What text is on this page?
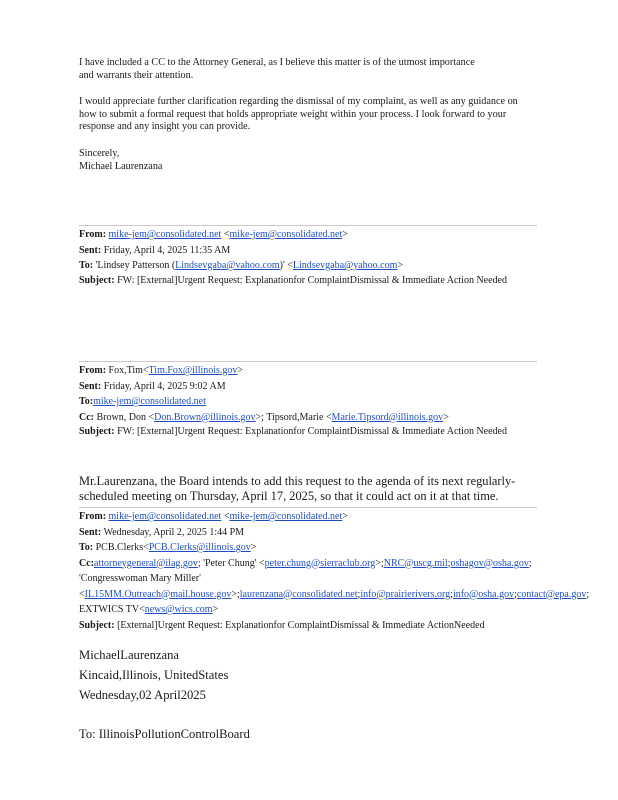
I have included a CC to the Attorney General, as I believe this matter is of the utmost importance and warrants their attention.
I would appreciate further clarification regarding the dismissal of my complaint, as well as any guidance on how to submit a formal request that holds appropriate weight within your process. I look forward to your response and any insight you can provide.
Sincerely,
Michael Laurenzana
From: mike-jem@consolidated.net <mike-jem@consolidated.net>
Sent: Friday, April 4, 2025 11:35 AM
To: 'Lindsey Patterson (Lindsevgaba@vahoo.com)' <Lindsevgaba@yahoo.com>
Subject: FW: [External]Urgent Request: Explanationfor ComplaintDismissal & Immediate Action Needed
From: Fox,Tim<Tim.Fox@illinois.gov>
Sent: Friday, April 4, 2025 9:02 AM
To:mike-jem@consolidated.net
Cc: Brown, Don <Don.Brown@illinois.gov>; Tipsord,Marie <Marie.Tipsord@illinois.gov>
Subject: FW: [External]Urgent Request: Explanationfor ComplaintDismissal & Immediate Action Needed
Mr.Laurenzana, the Board intends to add this request to the agenda of its next regularly-scheduled meeting on Thursday, April 17, 2025, so that it could act on it at that time.
From: mike-jem@consolidated.net <mike-jem@consolidated.net>
Sent: Wednesday, April 2, 2025 1:44 PM
To: PCB.Clerks<PCB.Clerks@illinois.gov>
Cc:attorneygeneral@ilag.gov; 'Peter Chung' <peter.chung@sierraclub.org>;NRC@uscg.mil;oshagov@osha.gov; 'Congresswoman Mary Miller' <IL15MM.Outreach@mail.house.gov>;laurenzana@consolidated.net;info@prairierivers.org;info@osha.gov;contact@epa.gov; EXTWICS TV<news@wics.com>
Subject: [External]Urgent Request: Explanationfor ComplaintDismissal & Immediate ActionNeeded
MichaelLaurenzana
Kincaid,Illinois, UnitedStates
Wednesday,02 April2025
To: IllinoisPollutionControlBoard
